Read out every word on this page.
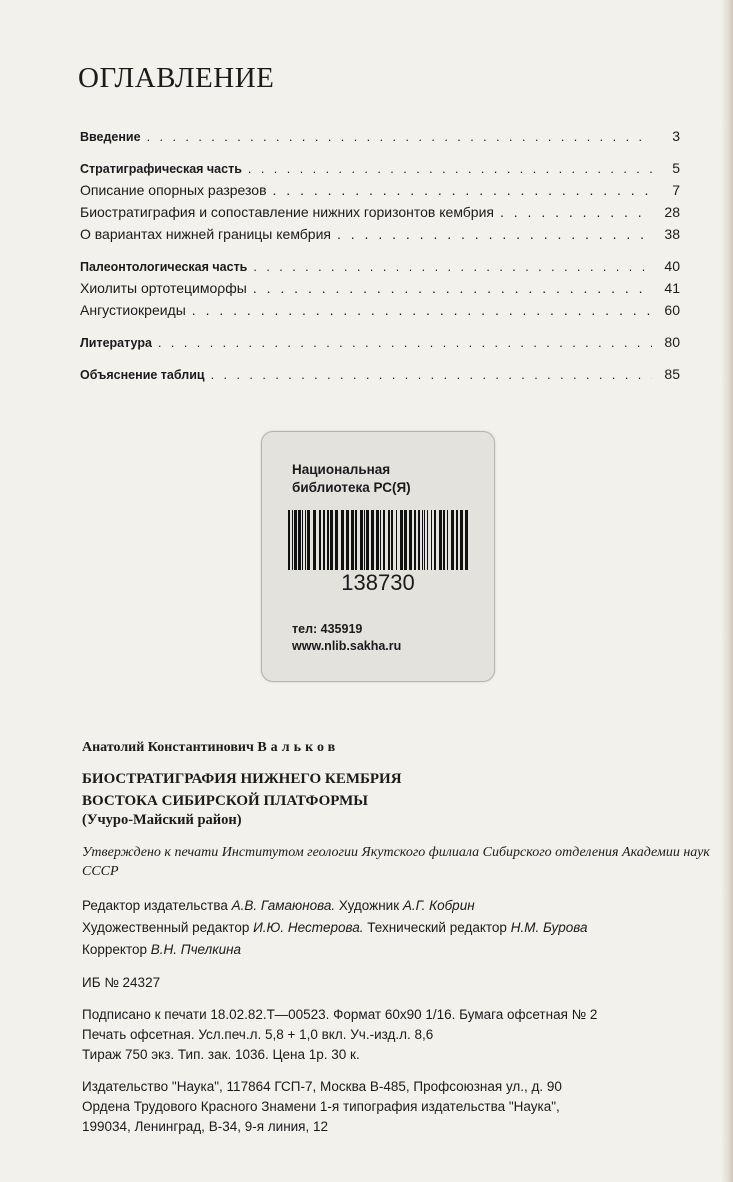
ОГЛАВЛЕНИЕ
Введение . . .	3
Стратиграфическая часть . . .	5
Описание опорных разрезов . . .	7
Биостратиграфия и сопоставление нижних горизонтов кембрия . . .	28
О вариантах нижней границы кембрия . . .	38
Палеонтологическая часть . . .	40
Хиолиты ортотецимορфы . . .	41
Ангустиокреиды . . .	60
Литература . . .	80
Объяснение таблиц . . .	85
Национальная
библиотека РС(Я)
138730
тел: 435919
www.nlib.sakha.ru
Анатолий Константинович Вальков
БИОСТРАТИГРАФИЯ НИЖНЕГО КЕМБРИЯ
ВОСТОКА СИБИРСКОЙ ПЛАТФОРМЫ
(Учуро-Майский район)
Утверждено к печати Институтом геологии Якутского филиала Сибирского отделения Академии наук СССР
Редактор издательства А.В. Гамаюнова. Художник А.Г. Кобрин
Художественный редактор И.Ю. Нестерова. Технический редактор Н.М. Бурова
Корректор В.Н. Пчелкина
ИБ № 24327
Подписано к печати 18.02.82.Т—00523. Формат 60x90 1/16. Бумага офсетная № 2
Печать офсетная. Усл.печ.л. 5,8 + 1,0 вкл. Уч.-изд.л. 8,6
Тираж 750 экз. Тип. зак. 1036. Цена 1р. 30 к.
Издательство "Наука", 117864 ГСП-7, Москва В-485, Профсоюзная ул., д. 90
Ордена Трудового Красного Знамени 1-я типография издательства "Наука",
199034, Ленинград, В-34, 9-я линия, 12
